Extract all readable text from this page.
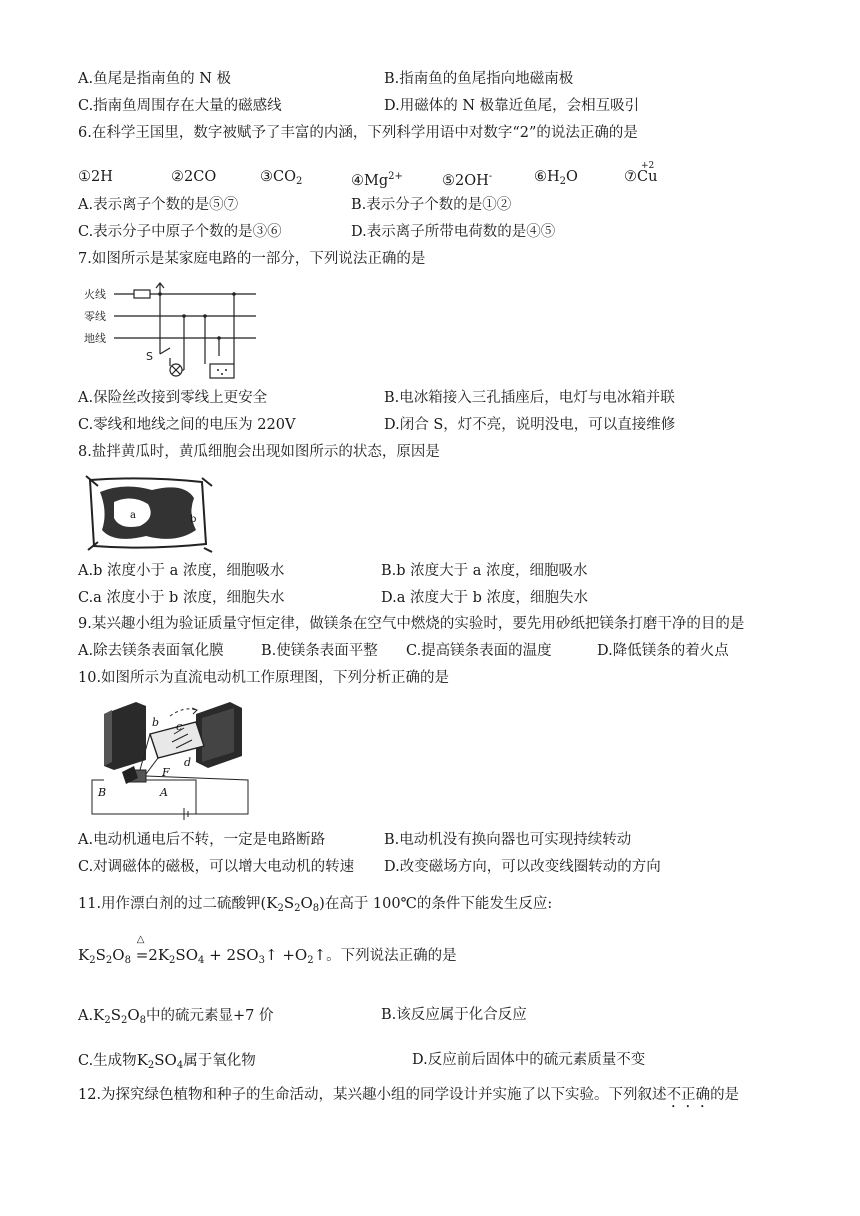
A.鱼尾是指南鱼的 N 极	B.指南鱼的鱼尾指向地磁南极
C.指南鱼周围存在大量的磁感线	D.用磁体的 N 极靠近鱼尾，会相互吸引
6.在科学王国里，数字被赋予了丰富的内涵，下列科学用语中对数字“2”的说法正确的是
①2H	②2CO	$③CO_2$	$④Mg^{2+}$	⑤2OH-	$⑥H_2O$	⑦
+2
Cu
A.表示离子个数的是⑤⑦	B.表示分子个数的是①②
C.表示分子中原子个数的是③⑥	D.表示离子所带电荷数的是④⑤
7.如图所示是某家庭电路的一部分，下列说法正确的是
火线
零线
地线
S
A.保险丝改接到零线上更安全	B.电冰箱接入三孔插座后，电灯与电冰箱并联
C.零线和地线之间的电压为 220V	D.闭合 S，灯不亮，说明没电，可以直接维修
8.盐拌黄瓜时，黄瓜细胞会出现如图所示的状态，原因是
a	b
A.b 浓度小于 a 浓度，细胞吸水	B.b 浓度大于 a 浓度，细胞吸水
C.a 浓度小于 b 浓度，细胞失水	D.a 浓度大于 b 浓度，细胞失水
9.某兴趣小组为验证质量守恒定律，做镁条在空气中燃烧的实验时，要先用砂纸把镁条打磨干净的目的是
A.除去镁条表面氧化膜	B.使镁条表面平整 C.提高镁条表面的温度	D.降低镁条的着火点
10.如图所示为直流电动机工作原理图，下列分析正确的是
b c
d
F
B	A
A.电动机通电后不转，一定是电路断路	B.电动机没有换向器也可实现持续转动
C.对调磁体的磁极，可以增大电动机的转速 D.改变磁场方向，可以改变线圈转动的方向
11.用作漂白剂的过二硫酸钾$(K_2S_2O_8)$在高于 100℃的条件下能发生反应:
$K_2S_2O_8$
△
$=2K_2SO_4$ + $2SO_3↑$ $+O_2↑$。下列说法正确的是
$A.K_2S_2O_8$中的硫元素显+7 价	B.该反应属于化合反应
C.生成物$K_2SO_4$属于氧化物	D.反应前后固体中的硫元素质量不变
12.为探究绿色植物和种子的生命活动，某兴趣小组的同学设计并实施了以下实验。下列叙述不正确的是
